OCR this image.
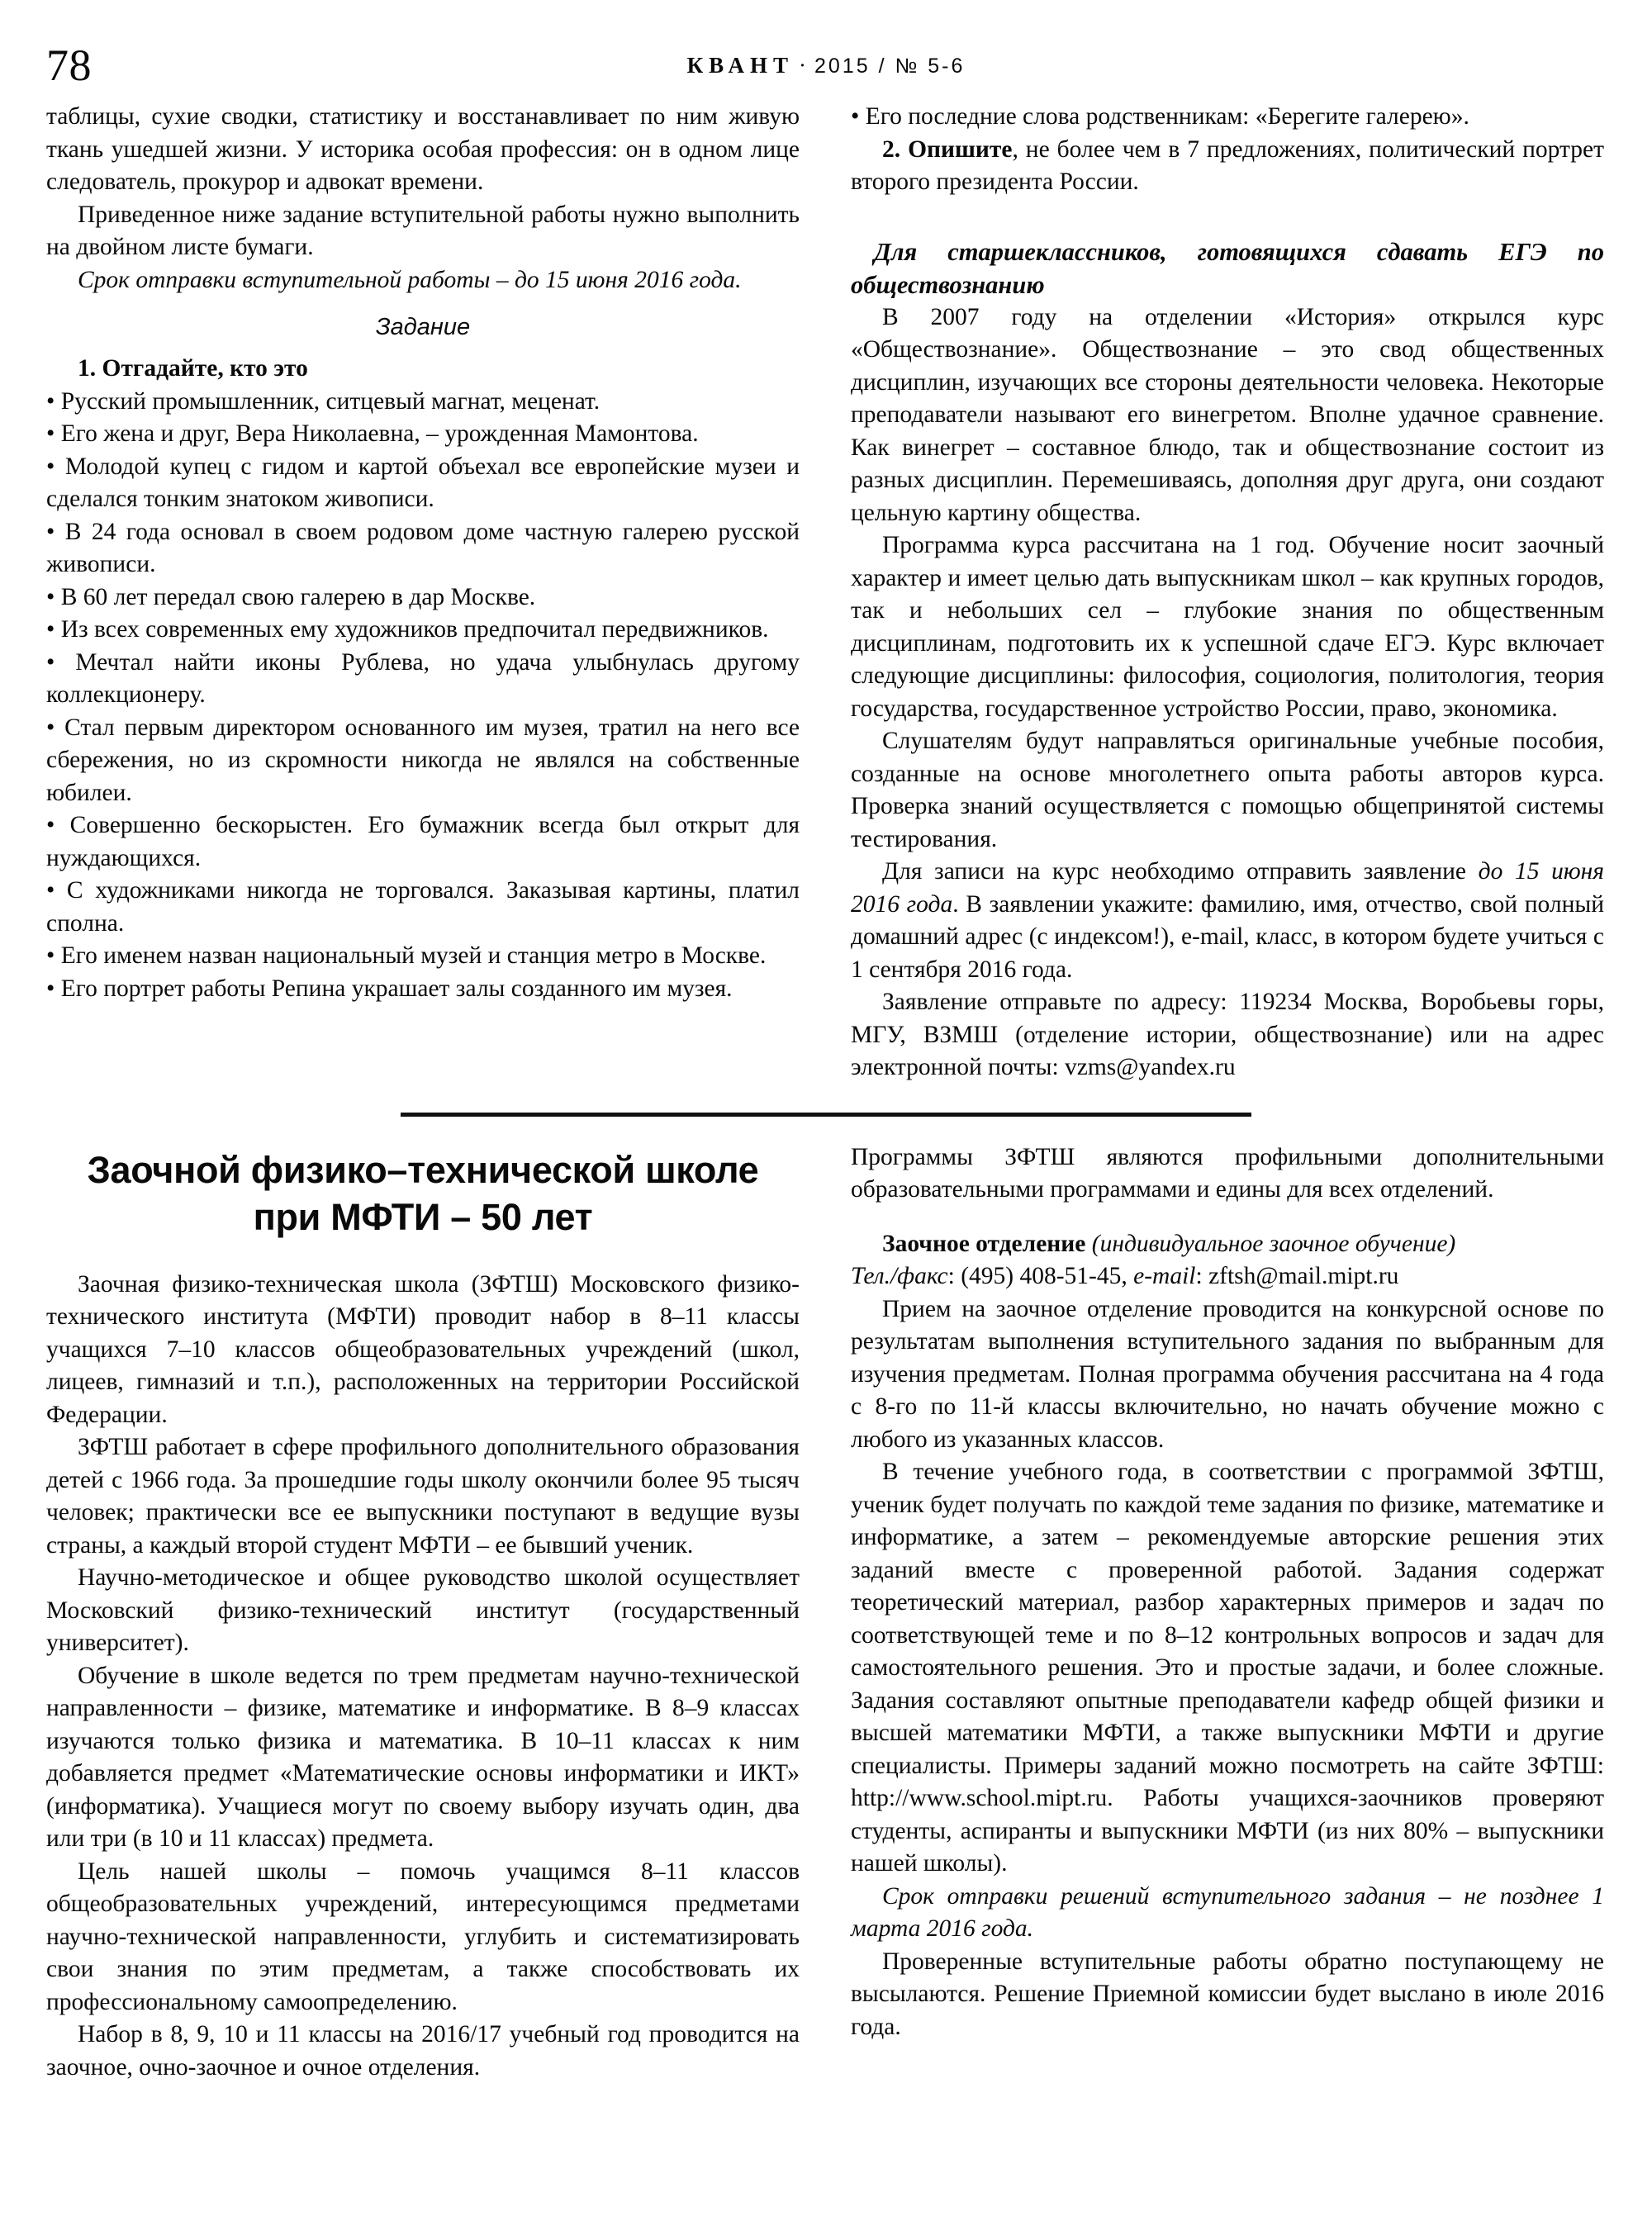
78	КВАНТ · 2015 / № 5-6

таблицы, сухие сводки, статистику и восстанавливает по ним живую ткань ушедшей жизни. У историка особая профессия: он в одном лице следователь, прокурор и адвокат времени.

Приведенное ниже задание вступительной работы нужно выполнить на двойном листе бумаги.

Срок отправки вступительной работы – до 15 июня 2016 года.

Задание

1. Отгадайте, кто это

• Русский промышленник, ситцевый магнат, меценат.

• Его жена и друг, Вера Николаевна, – урожденная Мамонтова.

• Молодой купец с гидом и картой объехал все европейские музеи и сделался тонким знатоком живописи.

• В 24 года основал в своем родовом доме частную галерею русской живописи.

• В 60 лет передал свою галерею в дар Москве.

• Из всех современных ему художников предпочитал передвижников.

• Мечтал найти иконы Рублева, но удача улыбнулась другому коллекционеру.

• Стал первым директором основанного им музея, тратил на него все сбережения, но из скромности никогда не являлся на собственные юбилеи.

• Совершенно бескорыстен. Его бумажник всегда был открыт для нуждающихся.

• С художниками никогда не торговался. Заказывая картины, платил сполна.

• Его именем назван национальный музей и станция метро в Москве.

• Его портрет работы Репина украшает залы созданного им музея.

• Его последние слова родственникам: «Берегите галерею».

2. Опишите, не более чем в 7 предложениях, политический портрет второго президента России.

Для старшеклассников, готовящихся сдавать ЕГЭ по обществознанию

В 2007 году на отделении «История» открылся курс «Обществознание». Обществознание – это свод общественных дисциплин, изучающих все стороны деятельности человека. Некоторые преподаватели называют его винегретом. Вполне удачное сравнение. Как винегрет – составное блюдо, так и обществознание состоит из разных дисциплин. Перемешиваясь, дополняя друг друга, они создают цельную картину общества.

Программа курса рассчитана на 1 год. Обучение носит заочный характер и имеет целью дать выпускникам школ – как крупных городов, так и небольших сел – глубокие знания по общественным дисциплинам, подготовить их к успешной сдаче ЕГЭ. Курс включает следующие дисциплины: философия, социология, политология, теория государства, государственное устройство России, право, экономика.

Слушателям будут направляться оригинальные учебные пособия, созданные на основе многолетнего опыта работы авторов курса. Проверка знаний осуществляется с помощью общепринятой системы тестирования.

Для записи на курс необходимо отправить заявление до 15 июня 2016 года. В заявлении укажите: фамилию, имя, отчество, свой полный домашний адрес (с индексом!), e-mail, класс, в котором будете учиться с 1 сентября 2016 года.

Заявление отправьте по адресу: 119234 Москва, Воробьевы горы, МГУ, ВЗМШ (отделение истории, обществознание) или на адрес электронной почты: vzms@yandex.ru

Заочной физико–технической школе
при МФТИ – 50 лет

Заочная физико-техническая школа (ЗФТШ) Московского физико-технического института (МФТИ) проводит набор в 8–11 классы учащихся 7–10 классов общеобразовательных учреждений (школ, лицеев, гимназий и т.п.), расположенных на территории Российской Федерации.

ЗФТШ работает в сфере профильного дополнительного образования детей с 1966 года. За прошедшие годы школу окончили более 95 тысяч человек; практически все ее выпускники поступают в ведущие вузы страны, а каждый второй студент МФТИ – ее бывший ученик.

Научно-методическое и общее руководство школой осуществляет Московский физико-технический институт (государственный университет).

Обучение в школе ведется по трем предметам научно-технической направленности – физике, математике и информатике. В 8–9 классах изучаются только физика и математика. В 10–11 классах к ним добавляется предмет «Математические основы информатики и ИКТ» (информатика). Учащиеся могут по своему выбору изучать один, два или три (в 10 и 11 классах) предмета.

Цель нашей школы – помочь учащимся 8–11 классов общеобразовательных учреждений, интересующимся предметами научно-технической направленности, углубить и систематизировать свои знания по этим предметам, а также способствовать их профессиональному самоопределению.

Набор в 8, 9, 10 и 11 классы на 2016/17 учебный год проводится на заочное, очно-заочное и очное отделения.

Программы ЗФТШ являются профильными дополнительными образовательными программами и едины для всех отделений.

Заочное отделение (индивидуальное заочное обучение)

Тел./факс: (495) 408-51-45, e-mail: zftsh@mail.mipt.ru

Прием на заочное отделение проводится на конкурсной основе по результатам выполнения вступительного задания по выбранным для изучения предметам. Полная программа обучения рассчитана на 4 года с 8-го по 11-й классы включительно, но начать обучение можно с любого из указанных классов.

В течение учебного года, в соответствии с программой ЗФТШ, ученик будет получать по каждой теме задания по физике, математике и информатике, а затем – рекомендуемые авторские решения этих заданий вместе с проверенной работой. Задания содержат теоретический материал, разбор характерных примеров и задач по соответствующей теме и по 8–12 контрольных вопросов и задач для самостоятельного решения. Это и простые задачи, и более сложные. Задания составляют опытные преподаватели кафедр общей физики и высшей математики МФТИ, а также выпускники МФТИ и другие специалисты. Примеры заданий можно посмотреть на сайте ЗФТШ: http://www.school.mipt.ru. Работы учащихся-заочников проверяют студенты, аспиранты и выпускники МФТИ (из них 80% – выпускники нашей школы).

Срок отправки решений вступительного задания – не позднее 1 марта 2016 года.

Проверенные вступительные работы обратно поступающему не высылаются. Решение Приемной комиссии будет выслано в июле 2016 года.
